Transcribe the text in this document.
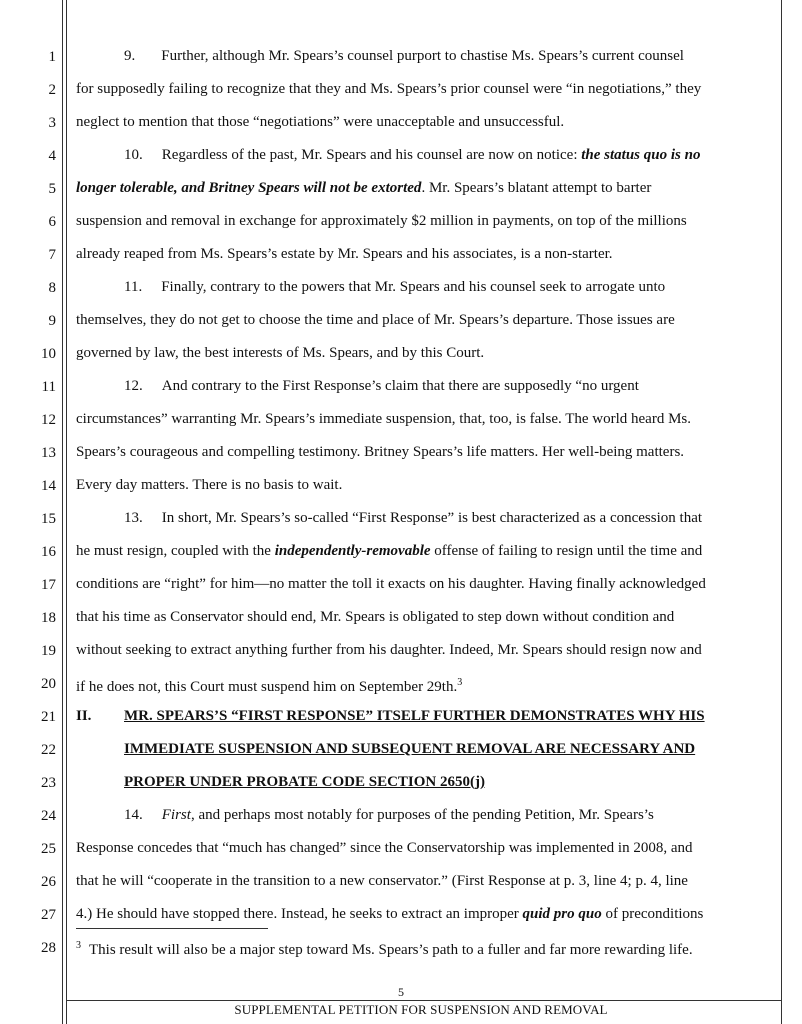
1
2
3
4
5
6
7
8
9
10
11
12
13
14
15
16
17
18
19
20
21
22
23
24
25
26
27
28
9. Further, although Mr. Spears’s counsel purport to chastise Ms. Spears’s current counsel
for supposedly failing to recognize that they and Ms. Spears’s prior counsel were “in negotiations,” they
neglect to mention that those “negotiations” were unacceptable and unsuccessful.
10. Regardless of the past, Mr. Spears and his counsel are now on notice: the status quo is no
longer tolerable, and Britney Spears will not be extorted. Mr. Spears’s blatant attempt to barter
suspension and removal in exchange for approximately $2 million in payments, on top of the millions
already reaped from Ms. Spears’s estate by Mr. Spears and his associates, is a non-starter.
11. Finally, contrary to the powers that Mr. Spears and his counsel seek to arrogate unto
themselves, they do not get to choose the time and place of Mr. Spears’s departure. Those issues are
governed by law, the best interests of Ms. Spears, and by this Court.
12. And contrary to the First Response’s claim that there are supposedly “no urgent
circumstances” warranting Mr. Spears’s immediate suspension, that, too, is false. The world heard Ms.
Spears’s courageous and compelling testimony. Britney Spears’s life matters. Her well-being matters.
Every day matters. There is no basis to wait.
13. In short, Mr. Spears’s so-called “First Response” is best characterized as a concession that
he must resign, coupled with the independently-removable offense of failing to resign until the time and
conditions are “right” for him—no matter the toll it exacts on his daughter. Having finally acknowledged
that his time as Conservator should end, Mr. Spears is obligated to step down without condition and
without seeking to extract anything further from his daughter. Indeed, Mr. Spears should resign now and
if he does not, this Court must suspend him on September 29th.$^3$
II.	MR. SPEARS’S “FIRST RESPONSE” ITSELF FURTHER DEMONSTRATES WHY HIS
IMMEDIATE SUSPENSION AND SUBSEQUENT REMOVAL ARE NECESSARY AND
PROPER UNDER PROBATE CODE SECTION 2650(j)
14. First, and perhaps most notably for purposes of the pending Petition, Mr. Spears’s
Response concedes that “much has changed” since the Conservatorship was implemented in 2008, and
that he will “cooperate in the transition to a new conservator.” (First Response at p. 3, line 4; p. 4, line
4.) He should have stopped there. Instead, he seeks to extract an improper quid pro quo of preconditions
$^3$ This result will also be a major step toward Ms. Spears’s path to a fuller and far more rewarding life.
5
SUPPLEMENTAL PETITION FOR SUSPENSION AND REMOVAL
